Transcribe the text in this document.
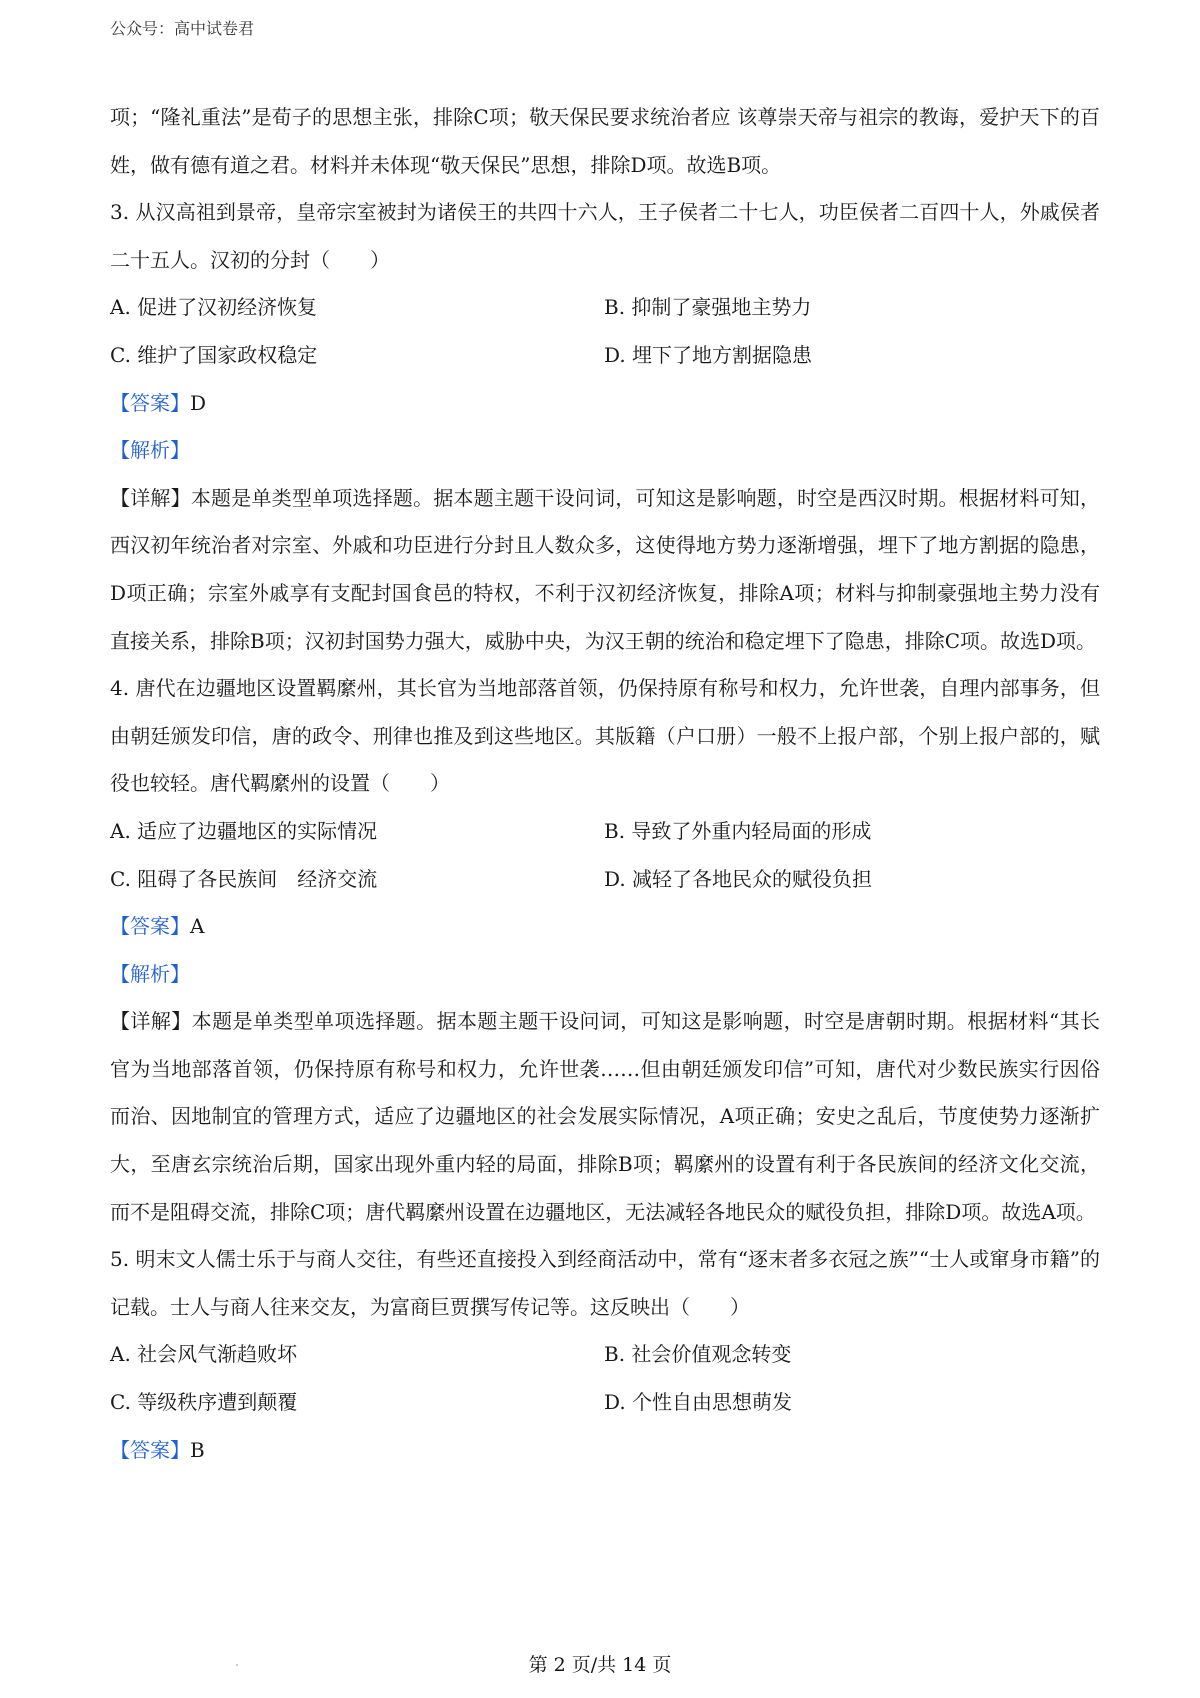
公众号：高中试卷君

项；“隆礼重法”是荀子的思想主张，排除C项；敬天保民要求统治者应 该尊崇天帝与祖宗的教诲，爱护天下的百姓，做有德有道之君。材料并未体现“敬天保民”思想，排除D项。故选B项。

3. 从汉高祖到景帝，皇帝宗室被封为诸侯王的共四十六人，王子侯者二十七人，功臣侯者二百四十人，外戚侯者二十五人。汉初的分封（　　）

A. 促进了汉初经济恢复	B. 抑制了豪强地主势力
C. 维护了国家政权稳定	D. 埋下了地方割据隐患

【答案】D

【解析】

【详解】本题是单类型单项选择题。据本题主题干设问词，可知这是影响题，时空是西汉时期。根据材料可知，西汉初年统治者对宗室、外戚和功臣进行分封且人数众多，这使得地方势力逐渐增强，埋下了地方割据的隐患，D项正确；宗室外戚享有支配封国食邑的特权，不利于汉初经济恢复，排除A项；材料与抑制豪强地主势力没有直接关系，排除B项；汉初封国势力强大，威胁中央，为汉王朝的统治和稳定埋下了隐患，排除C项。故选D项。

4. 唐代在边疆地区设置羁縻州，其长官为当地部落首领，仍保持原有称号和权力，允许世袭，自理内部事务，但由朝廷颁发印信，唐的政令、刑律也推及到这些地区。其版籍（户口册）一般不上报户部，个别上报户部的，赋役也较轻。唐代羁縻州的设置（　　）

A. 适应了边疆地区的实际情况	B. 导致了外重内轻局面的形成
C. 阻碍了各民族间　经济交流	D. 减轻了各地民众的赋役负担

【答案】A

【解析】

【详解】本题是单类型单项选择题。据本题主题干设问词，可知这是影响题，时空是唐朝时期。根据材料“其长官为当地部落首领，仍保持原有称号和权力，允许世袭……但由朝廷颁发印信”可知，唐代对少数民族实行因俗而治、因地制宜的管理方式，适应了边疆地区的社会发展实际情况，A项正确；安史之乱后，节度使势力逐渐扩大，至唐玄宗统治后期，国家出现外重内轻的局面，排除B项；羁縻州的设置有利于各民族间的经济文化交流，而不是阻碍交流，排除C项；唐代羁縻州设置在边疆地区，无法减轻各地民众的赋役负担，排除D项。故选A项。

5. 明末文人儒士乐于与商人交往，有些还直接投入到经商活动中，常有“逐末者多衣冠之族”“士人或窜身市籍”的记载。士人与商人往来交友，为富商巨贾撰写传记等。这反映出（　　）

A. 社会风气渐趋败坏	B. 社会价值观念转变
C. 等级秩序遭到颠覆	D. 个性自由思想萌发

【答案】B

第 2 页/共 14 页
